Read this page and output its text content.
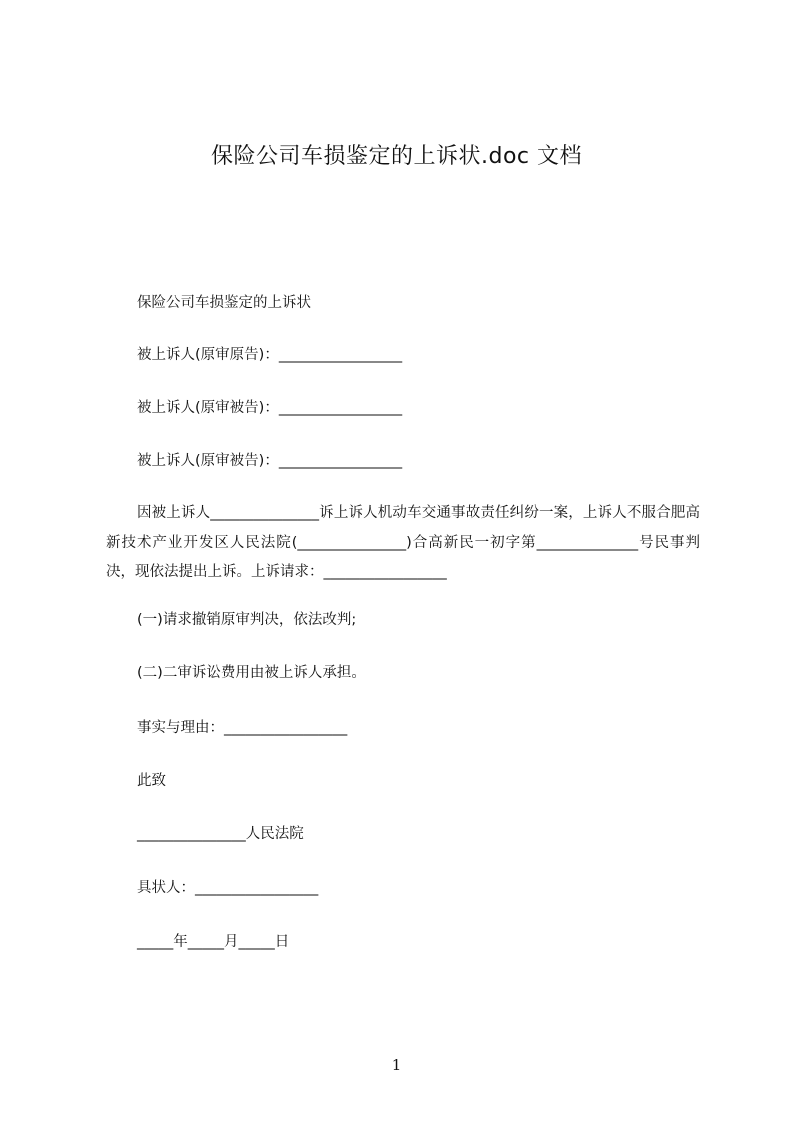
保险公司车损鉴定的上诉状.doc 文档
保险公司车损鉴定的上诉状
被上诉人(原审原告)：_________________
被上诉人(原审被告)：_________________
被上诉人(原审被告)：_________________
因被上诉人_______________诉上诉人机动车交通事故责任纠纷一案，上诉人不服合肥高新技术产业开发区人民法院(_______________)合高新民一初字第______________号民事判决，现依法提出上诉。上诉请求：_________________
(一)请求撤销原审判决，依法改判;
(二)二审诉讼费用由被上诉人承担。
事实与理由：_________________
此致
_______________人民法院
具状人：_________________
_____年_____月_____日
1
